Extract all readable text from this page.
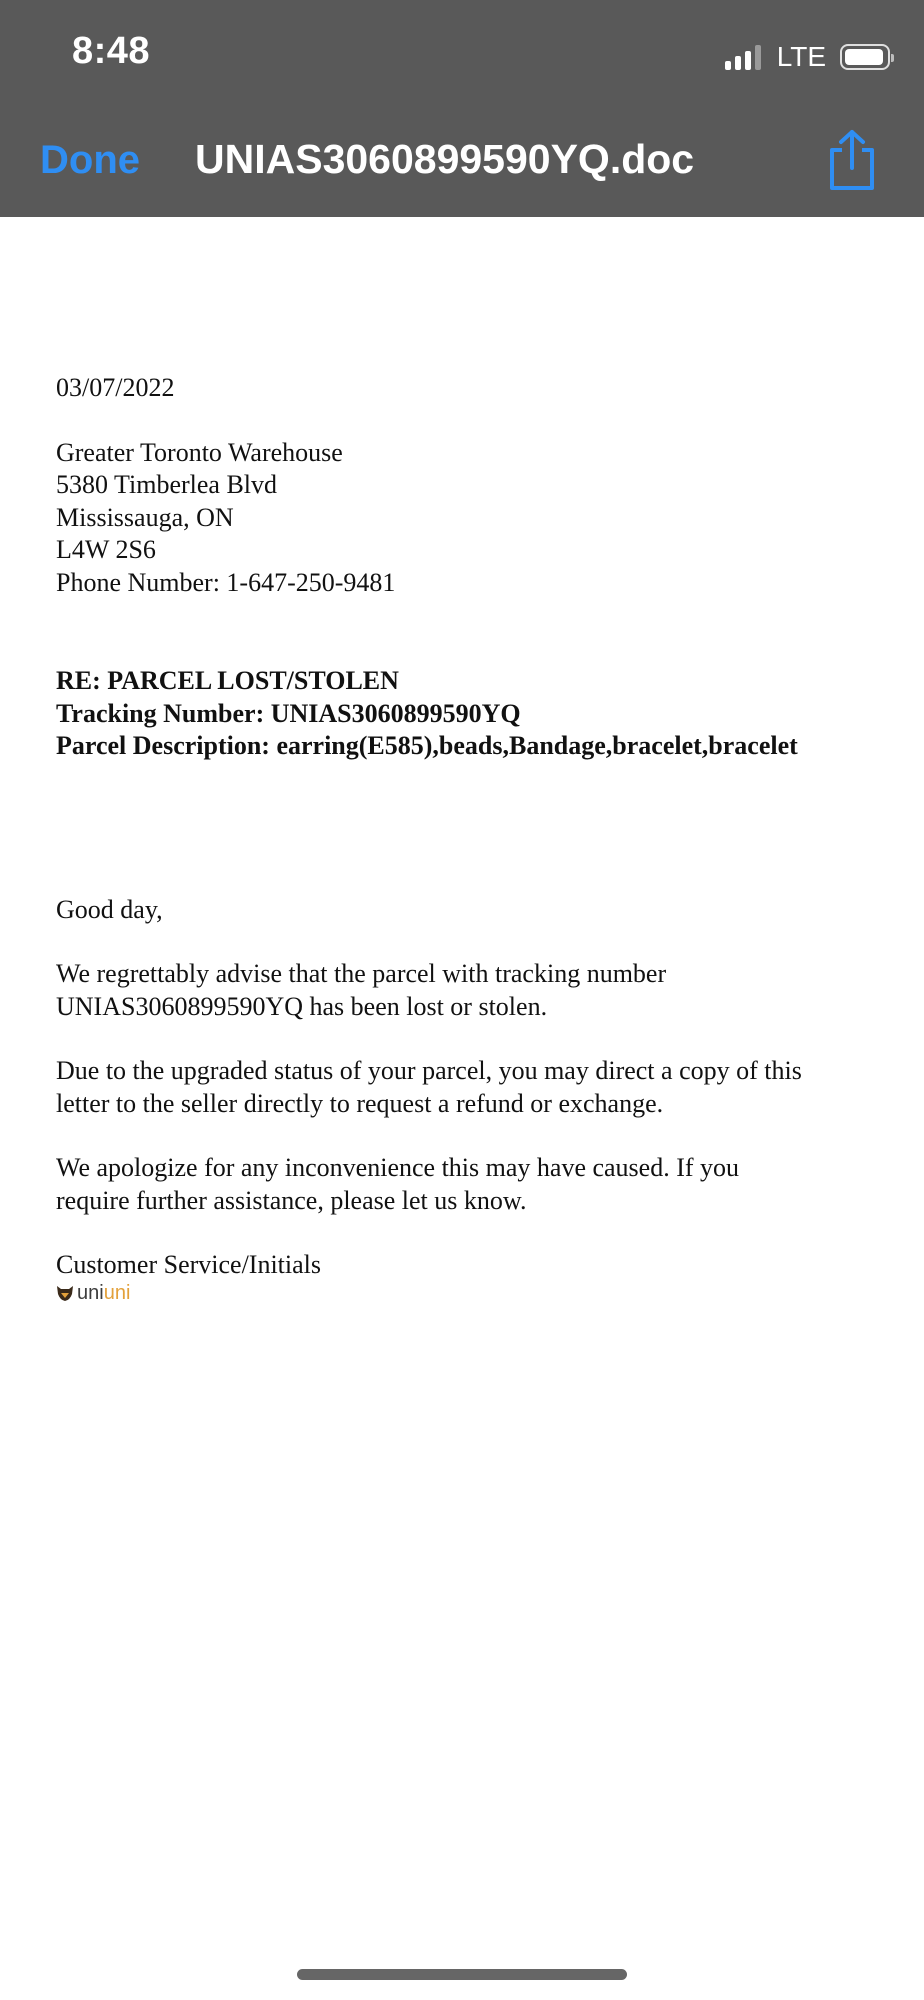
8:48	LTE
Done UNIAS3060899590YQ.doc

03/07/2022

Greater Toronto Warehouse

5380 Timberlea Blvd

Mississauga, ON

L4W 2S6

Phone Number: 1-647-250-9481

RE: PARCEL LOST/STOLEN

Tracking Number: UNIAS3060899590YQ

Parcel Description: earring(E585),beads,Bandage,bracelet,bracelet

Good day,

We regrettably advise that the parcel with tracking number

UNIAS3060899590YQ has been lost or stolen.

Due to the upgraded status of your parcel, you may direct a copy of this

letter to the seller directly to request a refund or exchange.

We apologize for any inconvenience this may have caused. If you

require further assistance, please let us know.

Customer Service/Initials

uni uni
